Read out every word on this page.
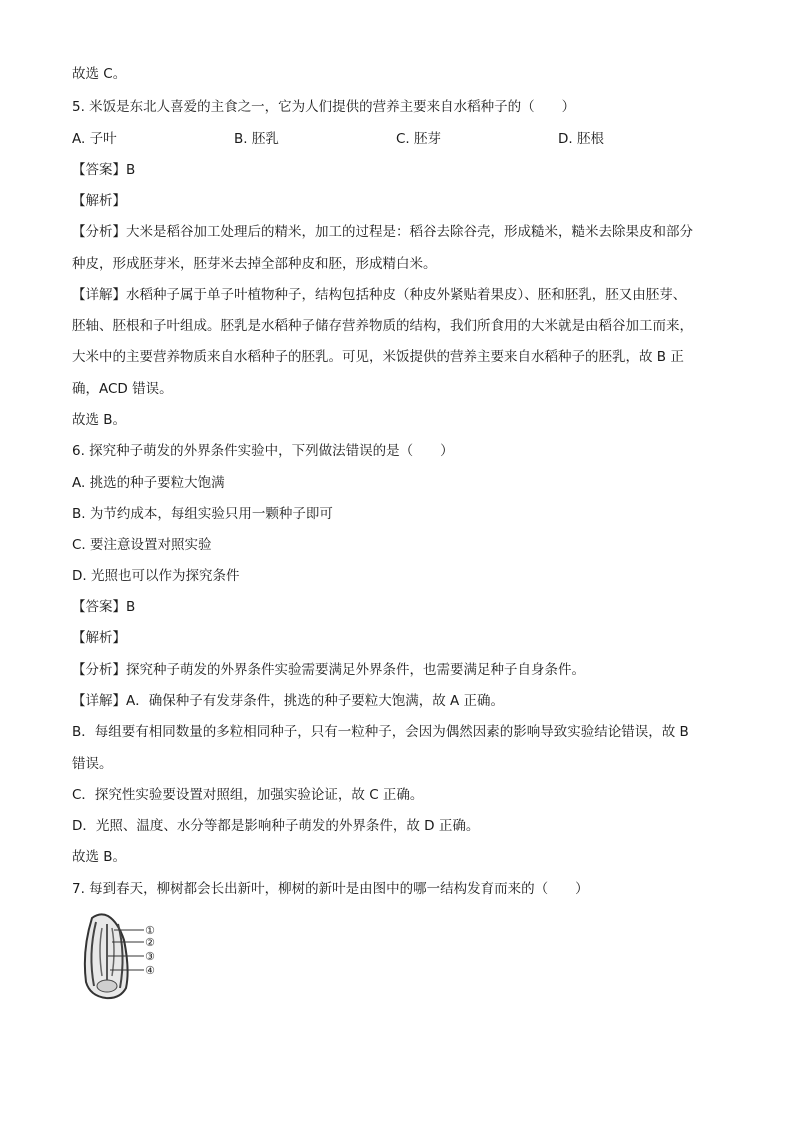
故选 C。
5. 米饭是东北人喜爱的主食之一，它为人们提供的营养主要来自水稻种子的（　　）
A. 子叶	B. 胚乳	C. 胚芽	D. 胚根
【答案】B
【解析】
【分析】大米是稻谷加工处理后的精米，加工的过程是：稻谷去除谷壳，形成糙米，糙米去除果皮和部分
种皮，形成胚芽米，胚芽米去掉全部种皮和胚，形成精白米。
【详解】水稻种子属于单子叶植物种子，结构包括种皮（种皮外紧贴着果皮）、胚和胚乳，胚又由胚芽、
胚轴、胚根和子叶组成。胚乳是水稻种子储存营养物质的结构，我们所食用的大米就是由稻谷加工而来，
大米中的主要营养物质来自水稻种子的胚乳。可见，米饭提供的营养主要来自水稻种子的胚乳，故 B 正
确，ACD 错误。
故选 B。
6. 探究种子萌发的外界条件实验中，下列做法错误的是（　　）
A. 挑选的种子要粒大饱满
B. 为节约成本，每组实验只用一颗种子即可
C. 要注意设置对照实验
D. 光照也可以作为探究条件
【答案】B
【解析】
【分析】探究种子萌发的外界条件实验需要满足外界条件，也需要满足种子自身条件。
【详解】A．确保种子有发芽条件，挑选的种子要粒大饱满，故 A 正确。
B．每组要有相同数量的多粒相同种子，只有一粒种子，会因为偶然因素的影响导致实验结论错误，故 B
错误。
C．探究性实验要设置对照组，加强实验论证，故 C 正确。
D．光照、温度、水分等都是影响种子萌发的外界条件，故 D 正确。
故选 B。
7. 每到春天，柳树都会长出新叶，柳树的新叶是由图中的哪一结构发育而来的（　　）
①
②
③
④
